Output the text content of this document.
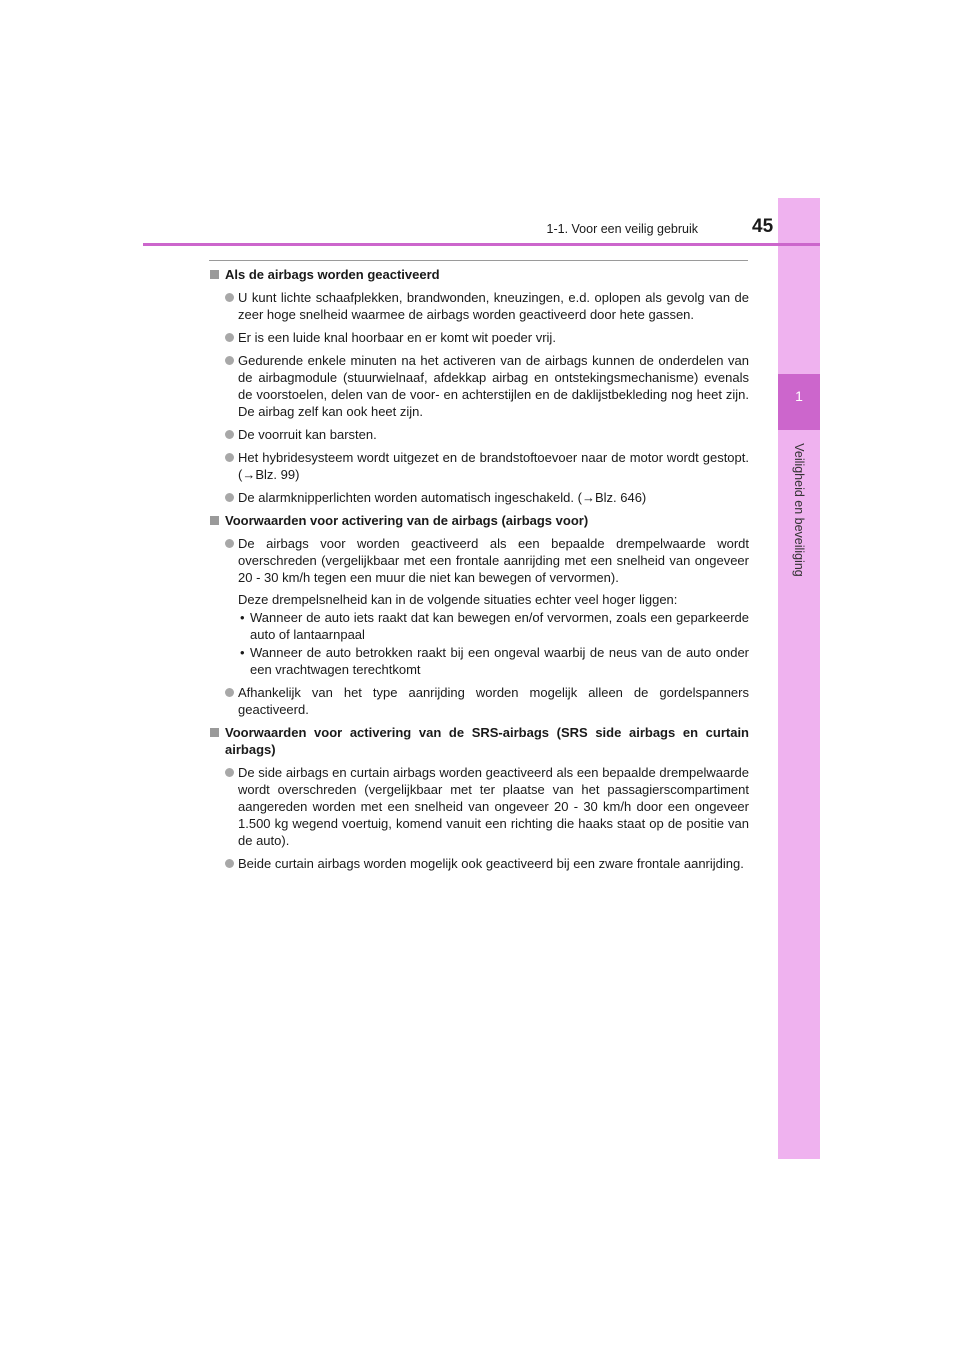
1
Veiligheid en beveiliging
1-1. Voor een veilig gebruik	45
Als de airbags worden geactiveerd
U kunt lichte schaafplekken, brandwonden, kneuzingen, e.d. oplopen als gevolg van de zeer hoge snelheid waarmee de airbags worden geactiveerd door hete gassen.
Er is een luide knal hoorbaar en er komt wit poeder vrij.
Gedurende enkele minuten na het activeren van de airbags kunnen de onderdelen van de airbagmodule (stuurwielnaaf, afdekkap airbag en ontstekingsmechanisme) evenals de voorstoelen, delen van de voor- en achterstijlen en de daklijstbekleding nog heet zijn. De airbag zelf kan ook heet zijn.
De voorruit kan barsten.
Het hybridesysteem wordt uitgezet en de brandstoftoevoer naar de motor wordt gestopt. (→Blz. 99)
De alarmknipperlichten worden automatisch ingeschakeld. (→Blz. 646)
Voorwaarden voor activering van de airbags (airbags voor)
De airbags voor worden geactiveerd als een bepaalde drempelwaarde wordt overschreden (vergelijkbaar met een frontale aanrijding met een snelheid van ongeveer 20 - 30 km/h tegen een muur die niet kan bewegen of vervormen).
Deze drempelsnelheid kan in de volgende situaties echter veel hoger liggen:
• Wanneer de auto iets raakt dat kan bewegen en/of vervormen, zoals een geparkeerde auto of lantaarnpaal
• Wanneer de auto betrokken raakt bij een ongeval waarbij de neus van de auto onder een vrachtwagen terechtkomt
Afhankelijk van het type aanrijding worden mogelijk alleen de gordelspanners geactiveerd.
Voorwaarden voor activering van de SRS-airbags (SRS side airbags en curtain airbags)
De side airbags en curtain airbags worden geactiveerd als een bepaalde drempelwaarde wordt overschreden (vergelijkbaar met ter plaatse van het passagierscompartiment aangereden worden met een snelheid van ongeveer 20 - 30 km/h door een ongeveer 1.500 kg wegend voertuig, komend vanuit een richting die haaks staat op de positie van de auto).
Beide curtain airbags worden mogelijk ook geactiveerd bij een zware frontale aanrijding.
